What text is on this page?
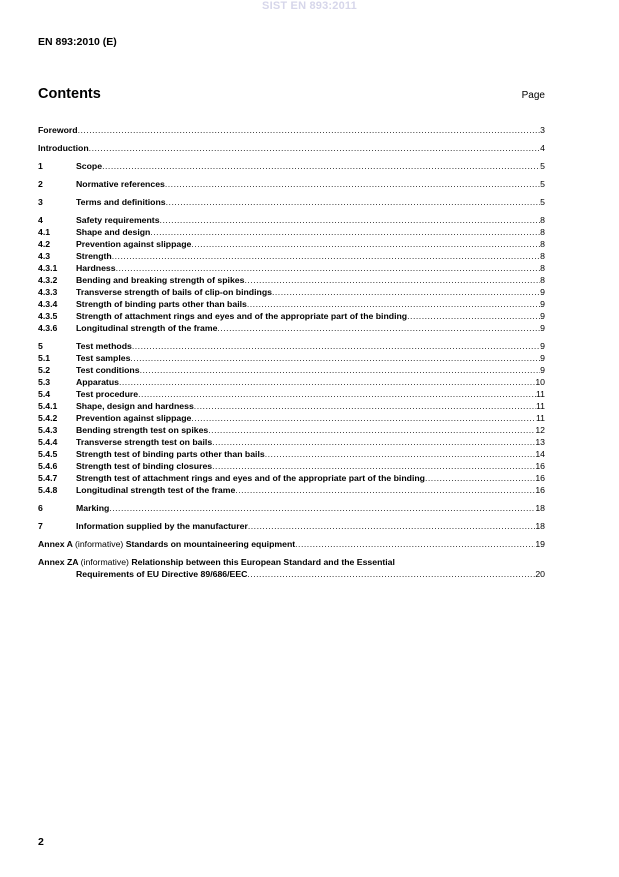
SIST EN 893:2011
EN 893:2010 (E)
Contents	Page
Foreword .....	3
Introduction .....	4
1	Scope .....	5
2	Normative references .....	5
3	Terms and definitions .....	5
4	Safety requirements .....	8
4.1	Shape and design .....	8
4.2	Prevention against slippage .....	8
4.3	Strength .....	8
4.3.1	Hardness .....	8
4.3.2	Bending and breaking strength of spikes .....	8
4.3.3	Transverse strength of bails of clip-on bindings .....	9
4.3.4	Strength of binding parts other than bails .....	9
4.3.5	Strength of attachment rings and eyes and of the appropriate part of the binding .....	9
4.3.6	Longitudinal strength of the frame .....	9
5	Test methods .....	9
5.1	Test samples .....	9
5.2	Test conditions .....	9
5.3	Apparatus .....	10
5.4	Test procedure .....	11
5.4.1	Shape, design and hardness .....	11
5.4.2	Prevention against slippage .....	11
5.4.3	Bending strength test on spikes .....	12
5.4.4	Transverse strength test on bails .....	13
5.4.5	Strength test of binding parts other than bails .....	14
5.4.6	Strength test of binding closures .....	16
5.4.7	Strength test of attachment rings and eyes and of the appropriate part of the binding .....	16
5.4.8	Longitudinal strength test of the frame .....	16
6	Marking .....	18
7	Information supplied by the manufacturer .....	18
Annex A (informative) Standards on mountaineering equipment .....	19
Annex ZA (informative) Relationship between this European Standard and the Essential
Requirements of EU Directive 89/686/EEC .....	20
2
